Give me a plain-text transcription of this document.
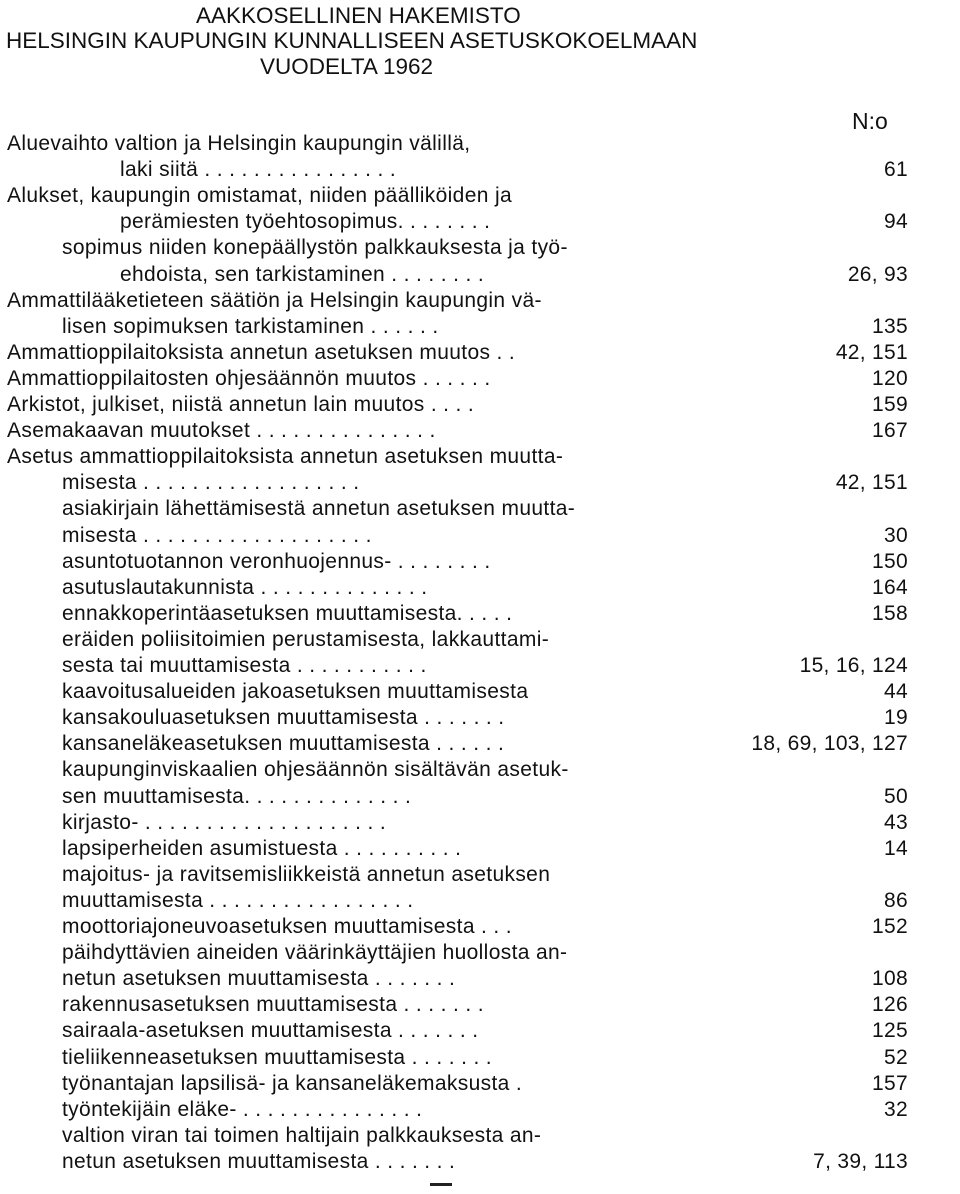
AAKKOSELLINEN HAKEMISTO
HELSINGIN KAUPUNGIN KUNNALLISEEN ASETUSKOKOELMAAN
VUODELTA 1962
N:o
Aluevaihto valtion ja Helsingin kaupungin välillä,
laki siitä . . . . . . . . . . . . . . . .	61
Alukset, kaupungin omistamat, niiden päälliköiden ja
perämiesten työehtosopimus. . . . . . . .	94
sopimus niiden konepäällystön palkkauksesta ja työ-
ehdoista, sen tarkistaminen . . . . . . . .	26, 93
Ammattilääketieteen säätiön ja Helsingin kaupungin vä-
lisen sopimuksen tarkistaminen . . . . . .	135
Ammattioppilaitoksista annetun asetuksen muutos . .	42, 151
Ammattioppilaitosten ohjesäännön muutos . . . . . .	120
Arkistot, julkiset, niistä annetun lain muutos . . . .	159
Asemakaavan muutokset . . . . . . . . . . . . . . .	167
Asetus ammattioppilaitoksista annetun asetuksen muutta-
misesta . . . . . . . . . . . . . . . . . .	42, 151
asiakirjain lähettämisestä annetun asetuksen muutta-
misesta . . . . . . . . . . . . . . . . . . .	30
asuntotuotannon veronhuojennus- . . . . . . . .	150
asutuslautakunnista . . . . . . . . . . . . . .	164
ennakkoperintäasetuksen muuttamisesta. . . . .	158
eräiden poliisitoimien perustamisesta, lakkauttami-
sesta tai muuttamisesta . . . . . . . . . . .	15, 16, 124
kaavoitusalueiden jakoasetuksen muuttamisesta	44
kansakouluasetuksen muuttamisesta . . . . . . .	19
kansaneläkeasetuksen muuttamisesta . . . . . .	18, 69, 103, 127
kaupunginviskaalien ohjesäännön sisältävän asetuk-
sen muuttamisesta. . . . . . . . . . . . . .	50
kirjasto- . . . . . . . . . . . . . . . . . . . .	43
lapsiperheiden asumistuesta . . . . . . . . . .	14
majoitus- ja ravitsemisliikkeistä annetun asetuksen
muuttamisesta . . . . . . . . . . . . . . . . .	86
moottoriajoneuvoasetuksen muuttamisesta . . .	152
päihdyttävien aineiden väärinkäyttäjien huollosta an-
netun asetuksen muuttamisesta . . . . . . .	108
rakennusasetuksen muuttamisesta . . . . . . .	126
sairaala-asetuksen muuttamisesta . . . . . . .	125
tieliikenneasetuksen muuttamisesta . . . . . . .	52
työnantajan lapsilisä- ja kansaneläkemaksusta .	157
työntekijäin eläke- . . . . . . . . . . . . . . .	32
valtion viran tai toimen haltijain palkkauksesta an-
netun asetuksen muuttamisesta . . . . . . .	7, 39, 113
